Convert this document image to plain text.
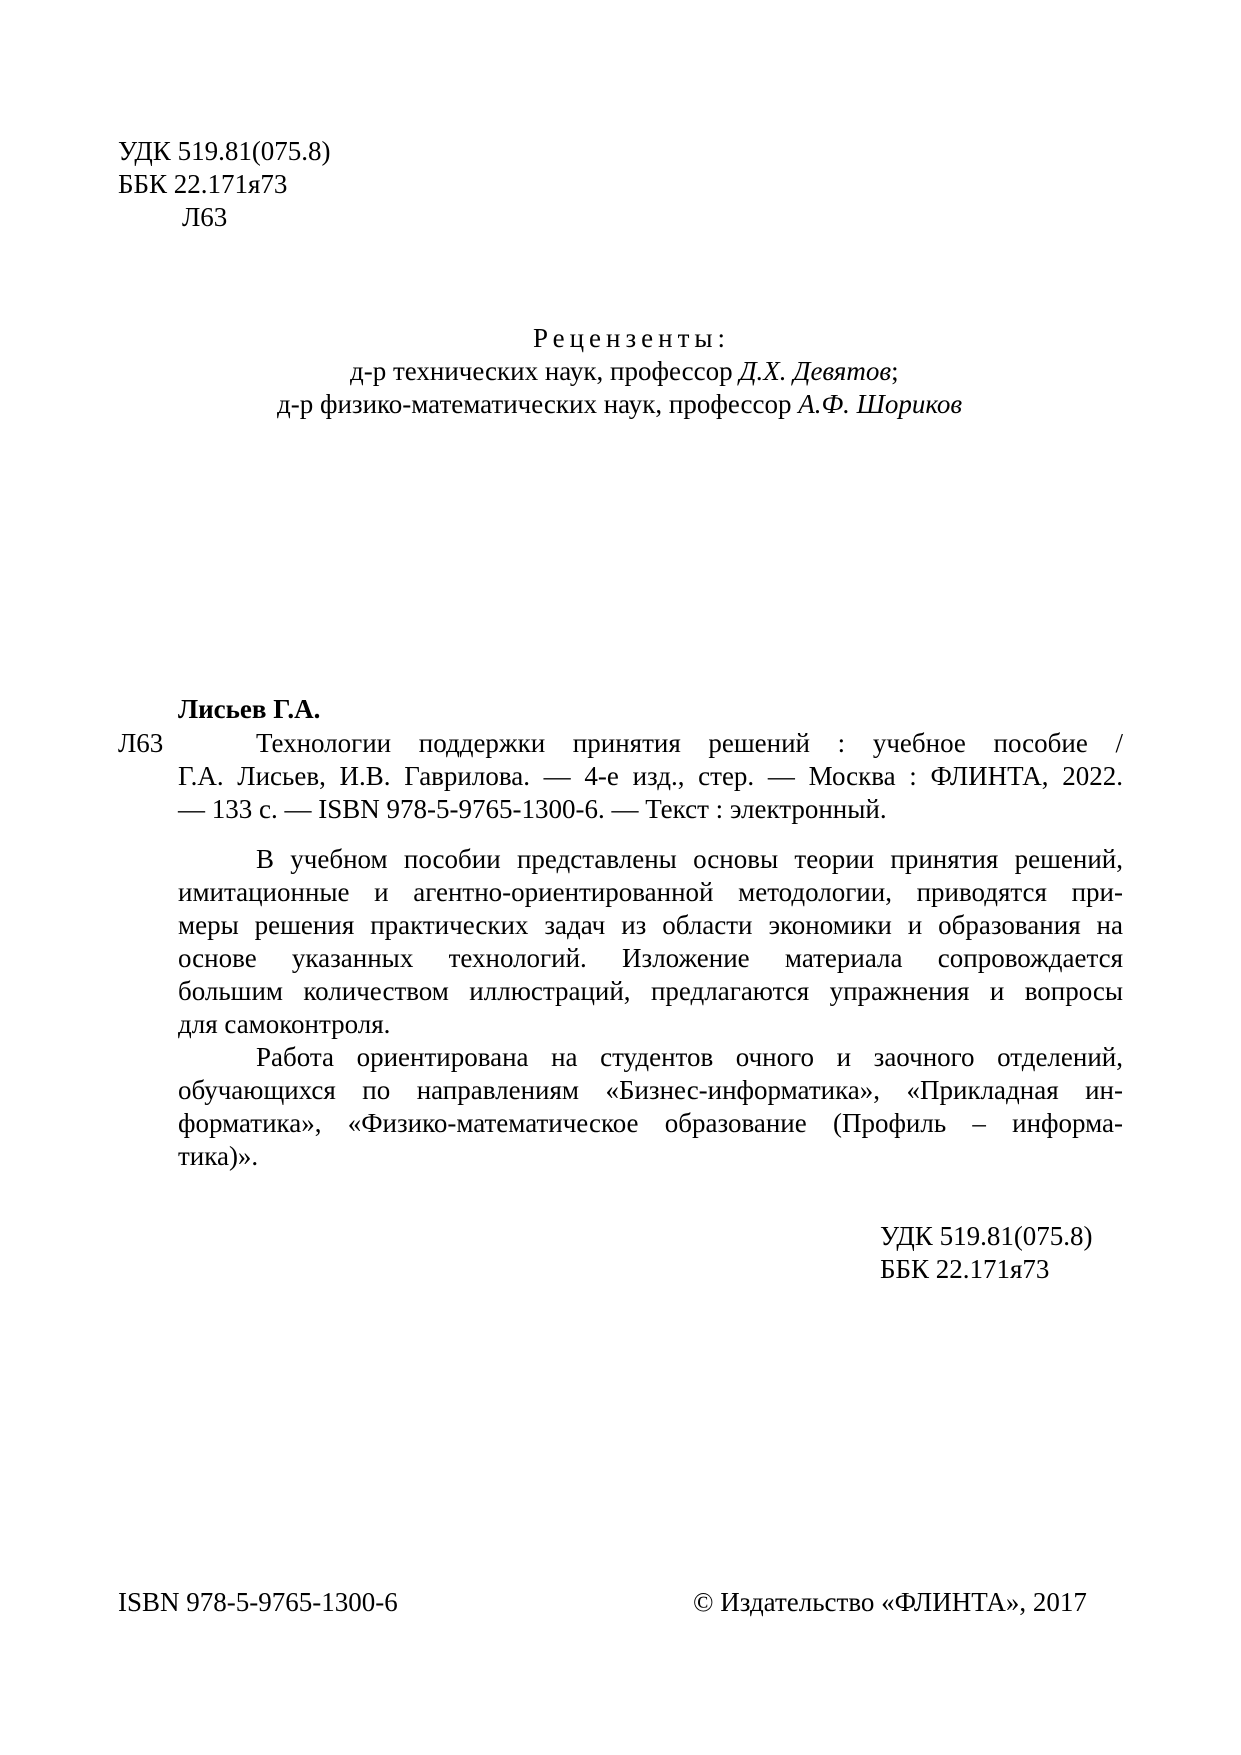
УДК 519.81(075.8)
ББК 22.171я73
Л63
Рецензенты:
д-р технических наук, профессор Д.Х. Девятов;
д-р физико-математических наук, профессор А.Ф. Шориков
Лисьев Г.А.
Л63	Технологии поддержки принятия решений : учебное пособие /
Г.А. Лисьев, И.В. Гаврилова. — 4-е изд., стер. — Москва : ФЛИНТА, 2022.
— 133 с. — ISBN 978-5-9765-1300-6. — Текст : электронный.
В учебном пособии представлены основы теории принятия решений,
имитационные и агентно-ориентированной методологии, приводятся при-
меры решения практических задач из области экономики и образования на
основе указанных технологий. Изложение материала сопровождается
большим количеством иллюстраций, предлагаются упражнения и вопросы
для самоконтроля.
Работа ориентирована на студентов очного и заочного отделений,
обучающихся по направлениям «Бизнес-информатика», «Прикладная ин-
форматика», «Физико-математическое образование (Профиль – информа-
тика)».
УДК 519.81(075.8)
ББК 22.171я73
ISBN 978-5-9765-1300-6	© Издательство «ФЛИНТА», 2017
